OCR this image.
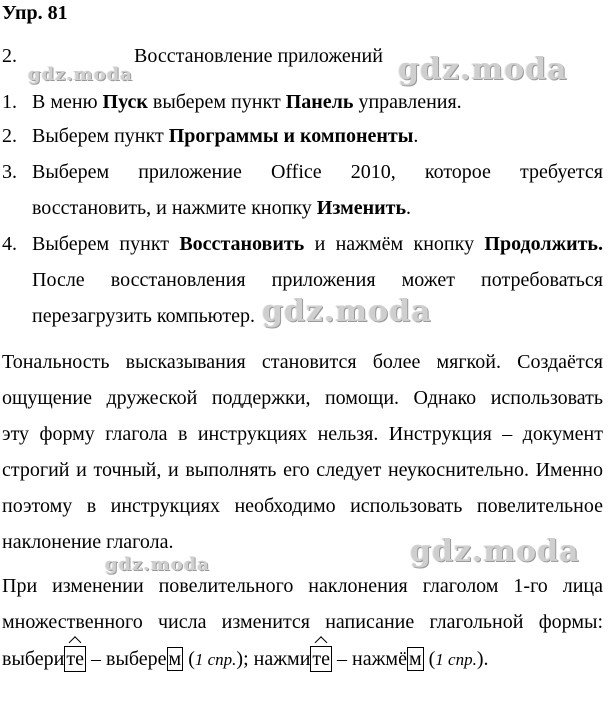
Упр. 81
2.	Восстановление приложений
gdz.moda	gdz.moda
gdz.moda
gdz.moda
gdz.moda
1. В меню Пуск выберем пункт Панель управления.
2. Выберем пункт Программы и компоненты.
3. Выберем приложение Office 2010, которое требуется
восстановить, и нажмите кнопку Изменить.
4. Выберем пункт Восстановить и нажмём кнопку Продолжить.
После восстановления приложения может потребоваться
перезагрузить компьютер.
Тональность высказывания становится более мягкой. Создаётся
ощущение дружеской поддержки, помощи. Однако использовать
эту форму глагола в инструкциях нельзя. Инструкция – документ
строгий и точный, и выполнять его следует неукоснительно. Именно
поэтому в инструкциях необходимо использовать повелительное
наклонение глагола.
При изменении повелительного наклонения глаголом 1-го лица
множественного числа изменится написание глагольной формы:
выбери те – выбере м (1 спр.); нажми те – нажмё м (1 спр.).
